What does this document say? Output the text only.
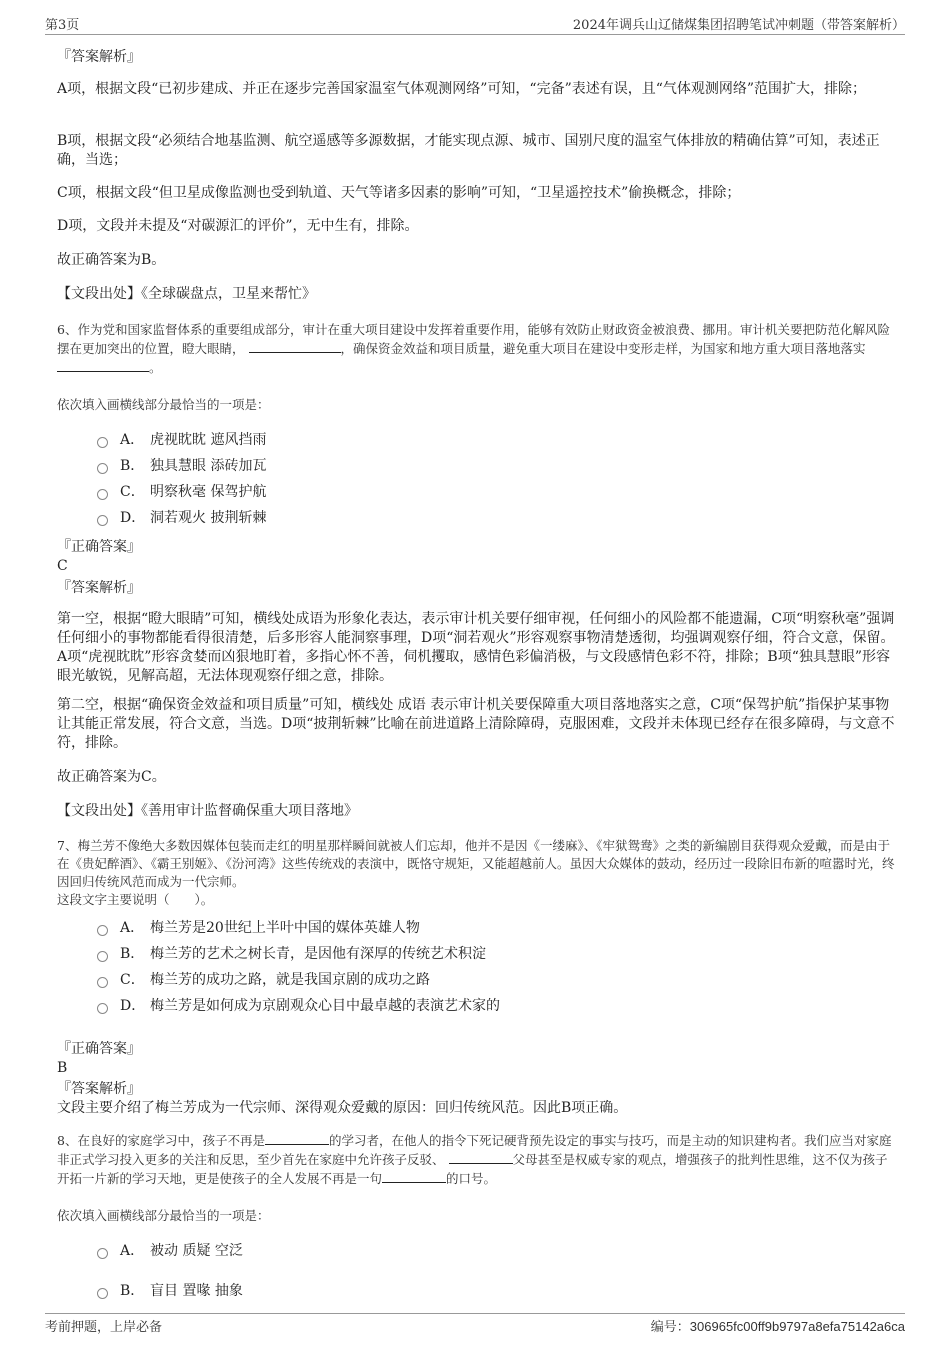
第3页	2024年调兵山辽储煤集团招聘笔试冲刺题（带答案解析）

『答案解析』

A项，根据文段“已初步建成、并正在逐步完善国家温室气体观测网络”可知，“完备”表述有误，且“气体观测网络”范围扩大，排除；

B项，根据文段“必须结合地基监测、航空遥感等多源数据，才能实现点源、城市、国别尺度的温室气体排放的精确估算”可知，表述正确，当选；

C项，根据文段“但卫星成像监测也受到轨道、天气等诸多因素的影响”可知，“卫星遥控技术”偷换概念，排除；

D项，文段并未提及“对碳源汇的评价”，无中生有，排除。

故正确答案为B。

【文段出处】《全球碳盘点，卫星来帮忙》

6、作为党和国家监督体系的重要组成部分，审计在重大项目建设中发挥着重要作用，能够有效防止财政资金被浪费、挪用。审计机关要把防范化解风险摆在更加突出的位置，瞪大眼睛，	，确保资金效益和项目质量，避免重大项目在建设中变形走样，为国家和地方重大项目落地落实 。

依次填入画横线部分最恰当的一项是：

A． 虎视眈眈 遮风挡雨
B． 独具慧眼 添砖加瓦
C． 明察秋毫 保驾护航
D． 洞若观火 披荆斩棘

『正确答案』

C

『答案解析』

第一空，根据“瞪大眼睛”可知，横线处成语为形象化表达，表示审计机关要仔细审视，任何细小的风险都不能遗漏，C项“明察秋毫”强调任何细小的事物都能看得很清楚，后多形容人能洞察事理，D项“洞若观火”形容观察事物清楚透彻，均强调观察仔细，符合文意，保留。A项“虎视眈眈”形容贪婪而凶狠地盯着，多指心怀不善，伺机攫取，感情色彩偏消极，与文段感情色彩不符，排除；B项“独具慧眼”形容眼光敏锐，见解高超，无法体现观察仔细之意，排除。

第二空，根据“确保资金效益和项目质量”可知，横线处 成语 表示审计机关要保障重大项目落地落实之意，C项“保驾护航”指保护某事物让其能正常发展，符合文意，当选。D项“披荆斩棘”比喻在前进道路上清除障碍，克服困难，文段并未体现已经存在很多障碍，与文意不符，排除。

故正确答案为C。

【文段出处】《善用审计监督确保重大项目落地》

7、梅兰芳不像绝大多数因媒体包装而走红的明星那样瞬间就被人们忘却，他并不是因《一缕麻》、《牢狱鸳鸯》之类的新编剧目获得观众爱戴，而是由于在《贵妃醉酒》、《霸王别姬》、《汾河湾》这些传统戏的表演中，既恪守规矩，又能超越前人。虽因大众媒体的鼓动，经历过一段除旧布新的喧嚣时光，终因回归传统风范而成为一代宗师。

这段文字主要说明（　　）。

A． 梅兰芳是20世纪上半叶中国的媒体英雄人物
B． 梅兰芳的艺术之树长青，是因他有深厚的传统艺术积淀
C． 梅兰芳的成功之路，就是我国京剧的成功之路
D． 梅兰芳是如何成为京剧观众心目中最卓越的表演艺术家的

『正确答案』

B

『答案解析』

文段主要介绍了梅兰芳成为一代宗师、深得观众爱戴的原因：回归传统风范。因此B项正确。

8、在良好的家庭学习中，孩子不再是	的学习者，在他人的指令下死记硬背预先设定的事实与技巧，而是主动的知识建构者。我们应当对家庭非正式学习投入更多的关注和反思，至少首先在家庭中允许孩子反驳、	父母甚至是权威专家的观点，增强孩子的批判性思维，这不仅为孩子开拓一片新的学习天地，更是使孩子的全人发展不再是一句	的口号。

依次填入画横线部分最恰当的一项是：

A． 被动 质疑 空泛
B． 盲目 置喙 抽象
考前押题，上岸必备	编号：306965fc00ff9b9797a8efa75142a6ca
